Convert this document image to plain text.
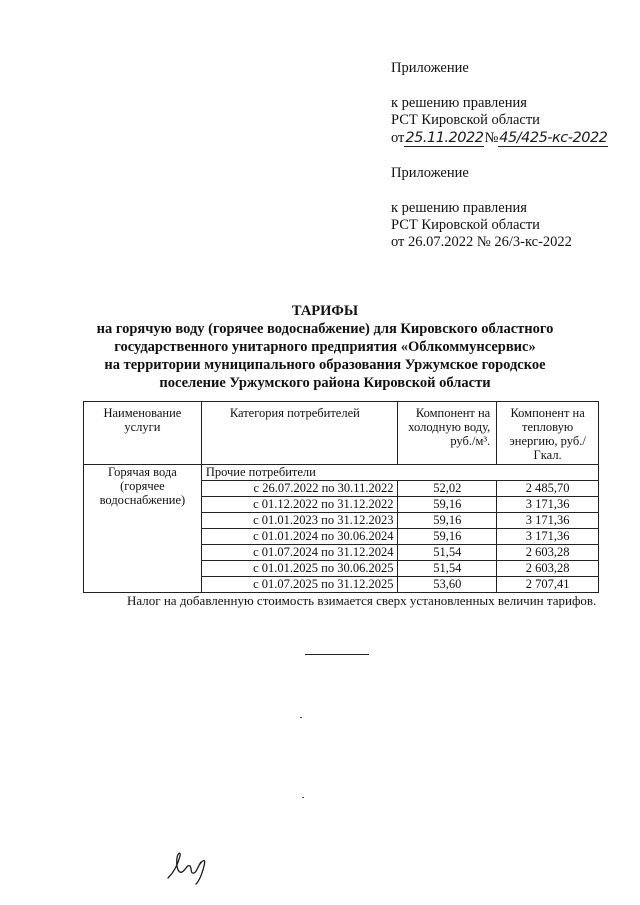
Приложение
к решению правления
РСТ Кировской области
от25.11.2022№45/425-кс-2022
Приложение
к решению правления
РСТ Кировской области
от 26.07.2022 № 26/3-кс-2022
ТАРИФЫ
на горячую воду (горячее водоснабжение) для Кировского областного
государственного унитарного предприятия «Облкоммунсервис»
на территории муниципального образования Уржумское городское
поселение Уржумского района Кировской области
Наименование услуги	Категория потребителей	Компонент на холодную воду, руб./м³.	Компонент на тепловую энергию, руб./Гкал.
Горячая вода (горячее водоснабжение)	Прочие потребители		
	с 26.07.2022 по 30.11.2022	52,02	2 485,70
	с 01.12.2022 по 31.12.2022	59,16	3 171,36
	с 01.01.2023 по 31.12.2023	59,16	3 171,36
	с 01.01.2024 по 30.06.2024	59,16	3 171,36
	с 01.07.2024 по 31.12.2024	51,54	2 603,28
	с 01.01.2025 по 30.06.2025	51,54	2 603,28
	с 01.07.2025 по 31.12.2025	53,60	2 707,41
Налог на добавленную стоимость взимается сверх установленных величин тарифов.
